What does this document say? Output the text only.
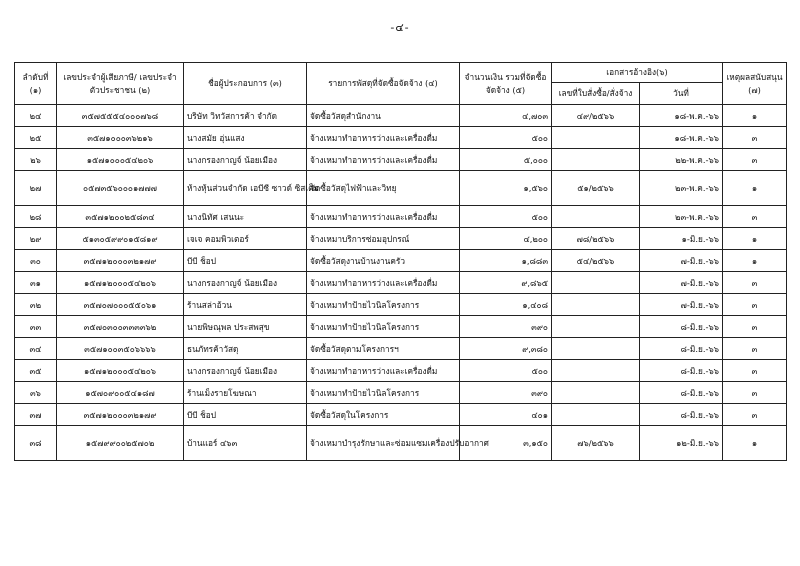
-๔-
ลำดับที่ (๑)	เลขประจำผู้เสียภาษี/ เลขประจำตัวประชาชน (๒)	ชื่อผู้ประกอบการ (๓)	รายการพัสดุที่จัดซื้อจัดจ้าง (๔)	จำนวนเงิน รวมที่จัดซื้อ จัดจ้าง (๕)	เอกสารอ้างอิง(๖)		เหตุผลสนับสนุน (๗)
					เลขที่ใบสั่งซื้อ/สั่งจ้าง	วันที่	
๒๔	๓๕๗๕๕๕๔๐๐๐๗๖๘	บริษัท วิทวัสการค้า จำกัด	จัดซื้อวัสดุสำนักงาน	๔,๗๐๓	๔๙/๒๕๖๖	๑๘-พ.ค.-๖๖	๑
๒๕	๓๕๗๑๐๐๐๓๖๒๑๖	นางสมัย อุ่นแสง	จ้างเหมาทำอาหารว่างและเครื่องดื่ม	๕๐๐		๑๘-พ.ค.-๖๖	๓
๒๖	๑๕๗๑๐๐๐๕๔๒๐๖	นางกรองกาญจ์ น้อยเมือง	จ้างเหมาทำอาหารว่างและเครื่องดื่ม	๕,๐๐๐		๒๒-พ.ค.-๖๖	๓
๒๗	๐๕๗๓๕๖๐๐๐๑๗๗๗	ห้างหุ้นส่วนจำกัด เอบีซี ซาวด์ ซิสเต็ม	จัดซื้อวัสดุไฟฟ้าและวิทยุ	๑,๕๖๐	๕๑/๒๕๖๖	๒๓-พ.ค.-๖๖	๑
๒๘	๓๕๗๑๒๐๐๒๕๘๓๔	นางนิทัศ เสนนะ	จ้างเหมาทำอาหารว่างและเครื่องดื่ม	๕๐๐		๒๓-พ.ค.-๖๖	๓
๒๙	๕๑๓๐๕๙๙๐๑๕๘๑๙	เจเจ คอมพิวเตอร์	จ้างเหมาบริการซ่อมอุปกรณ์	๔,๒๐๐	๗๘/๒๕๖๖	๑-มิ.ย.-๖๖	๑
๓๐	๓๕๗๑๒๐๐๐๓๒๑๗๙	บีบี ช็อป	จัดซื้อวัสดุงานบ้านงานครัว	๑,๘๘๓	๕๔/๒๕๖๖	๗-มิ.ย.-๖๖	๑
๓๑	๑๕๗๑๒๐๐๐๕๔๒๐๖	นางกรองกาญจ์ น้อยเมือง	จ้างเหมาทำอาหารว่างและเครื่องดื่ม	๙,๘๖๕		๗-มิ.ย.-๖๖	๓
๓๒	๓๕๗๐๗๐๐๐๕๕๐๖๑	ร้านสล่าอ้วน	จ้างเหมาทำป้ายไวนิลโครงการ	๑,๔๐๘		๗-มิ.ย.-๖๖	๓
๓๓	๓๕๗๐๓๐๐๓๓๓๓๖๒	นายพิษณุพล ประสพสุข	จ้างเหมาทำป้ายไวนิลโครงการ	๓๙๐		๘-มิ.ย.-๖๖	๓
๓๔	๓๕๗๑๐๐๓๕๐๖๖๖๖	ธนภัทรค้าวัสดุ	จัดซื้อวัสดุตามโครงการฯ	๙,๓๘๐		๘-มิ.ย.-๖๖	๓
๓๕	๑๕๗๑๒๐๐๐๕๔๒๐๖	นางกรองกาญจ์ น้อยเมือง	จ้างเหมาทำอาหารว่างและเครื่องดื่ม	๕๐๐		๘-มิ.ย.-๖๖	๓
๓๖	๑๕๗๐๙๐๐๕๔๑๘๗	ร้านเม็งรายโฆษณา	จ้างเหมาทำป้ายไวนิลโครงการ	๓๙๐		๘-มิ.ย.-๖๖	๓
๓๗	๓๕๗๑๒๐๐๐๓๒๑๗๙	บีบี ช็อป	จัดซื้อวัสดุในโครงการ	๔๐๑		๘-มิ.ย.-๖๖	๓
๓๘	๑๕๗๙๙๐๐๒๕๗๐๒	บ้านแอร์ ๔๖๓	จ้างเหมาบำรุงรักษาและซ่อมแซมเครื่องปรับอากาศ	๓,๑๕๐	๗๖/๒๕๖๖	๑๒-มิ.ย.-๖๖	๑
